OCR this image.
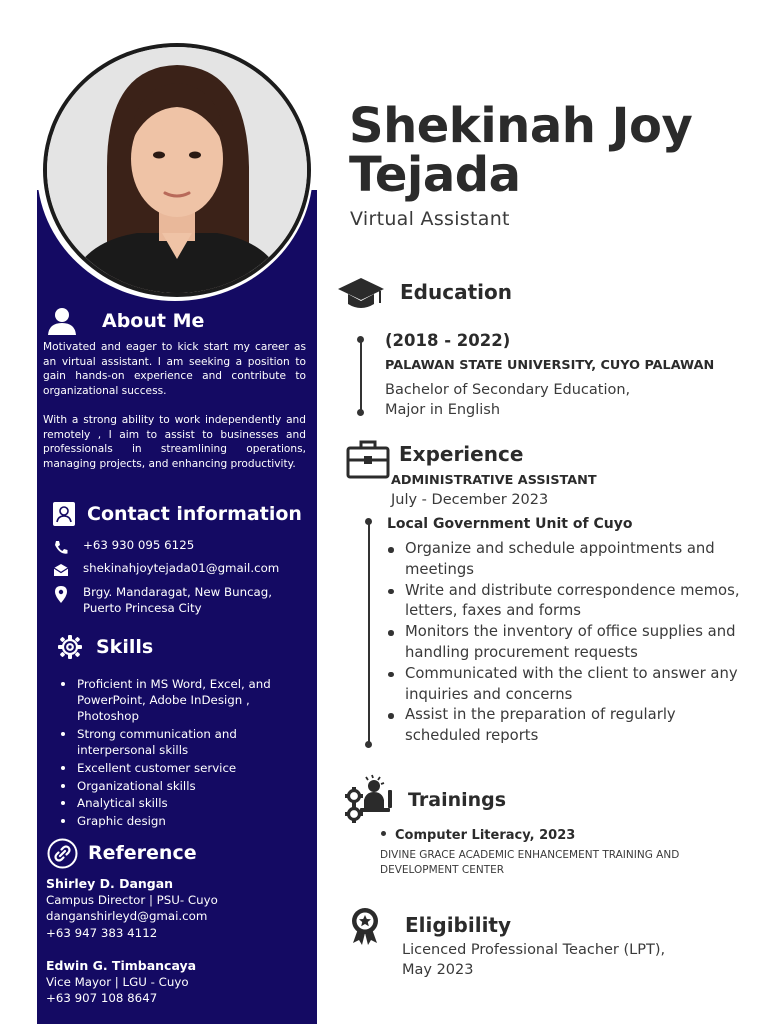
About Me
Motivated and eager to kick start my career as an virtual assistant. I am seeking a position to gain hands-on experience and contribute to organizational success.
With a strong ability to work independently and remotely , I aim to assist to businesses and professionals in streamlining operations, managing projects, and enhancing productivity.
Contact information
+63 930 095 6125
shekinahjoytejada01@gmail.com
Brgy. Mandaragat, New Buncag,
Puerto Princesa City
Skills
Proficient in MS Word, Excel, and PowerPoint, Adobe InDesign , Photoshop
Strong communication and interpersonal skills
Excellent customer service
Organizational skills
Analytical skills
Graphic design
Reference
Shirley D. Dangan
Campus Director | PSU- Cuyo
danganshirleyd@gmai.com
+63 947 383 4112
Edwin G. Timbancaya
Vice Mayor | LGU - Cuyo
+63 907 108 8647
Shekinah Joy
Tejada
Virtual Assistant
Education
(2018 - 2022)
PALAWAN STATE UNIVERSITY, CUYO PALAWAN
Bachelor of Secondary Education,
Major in English
Experience
ADMINISTRATIVE ASSISTANT
July - December 2023
Local Government Unit of Cuyo
Organize and schedule appointments and meetings
Write and distribute correspondence memos, letters, faxes and forms
Monitors the inventory of office supplies and handling procurement requests
Communicated with the client to answer any inquiries and concerns
Assist in the preparation of regularly scheduled reports
Trainings
Computer Literacy, 2023
DIVINE GRACE ACADEMIC ENHANCEMENT TRAINING AND DEVELOPMENT CENTER
Eligibility
Licenced Professional Teacher (LPT),
May 2023
